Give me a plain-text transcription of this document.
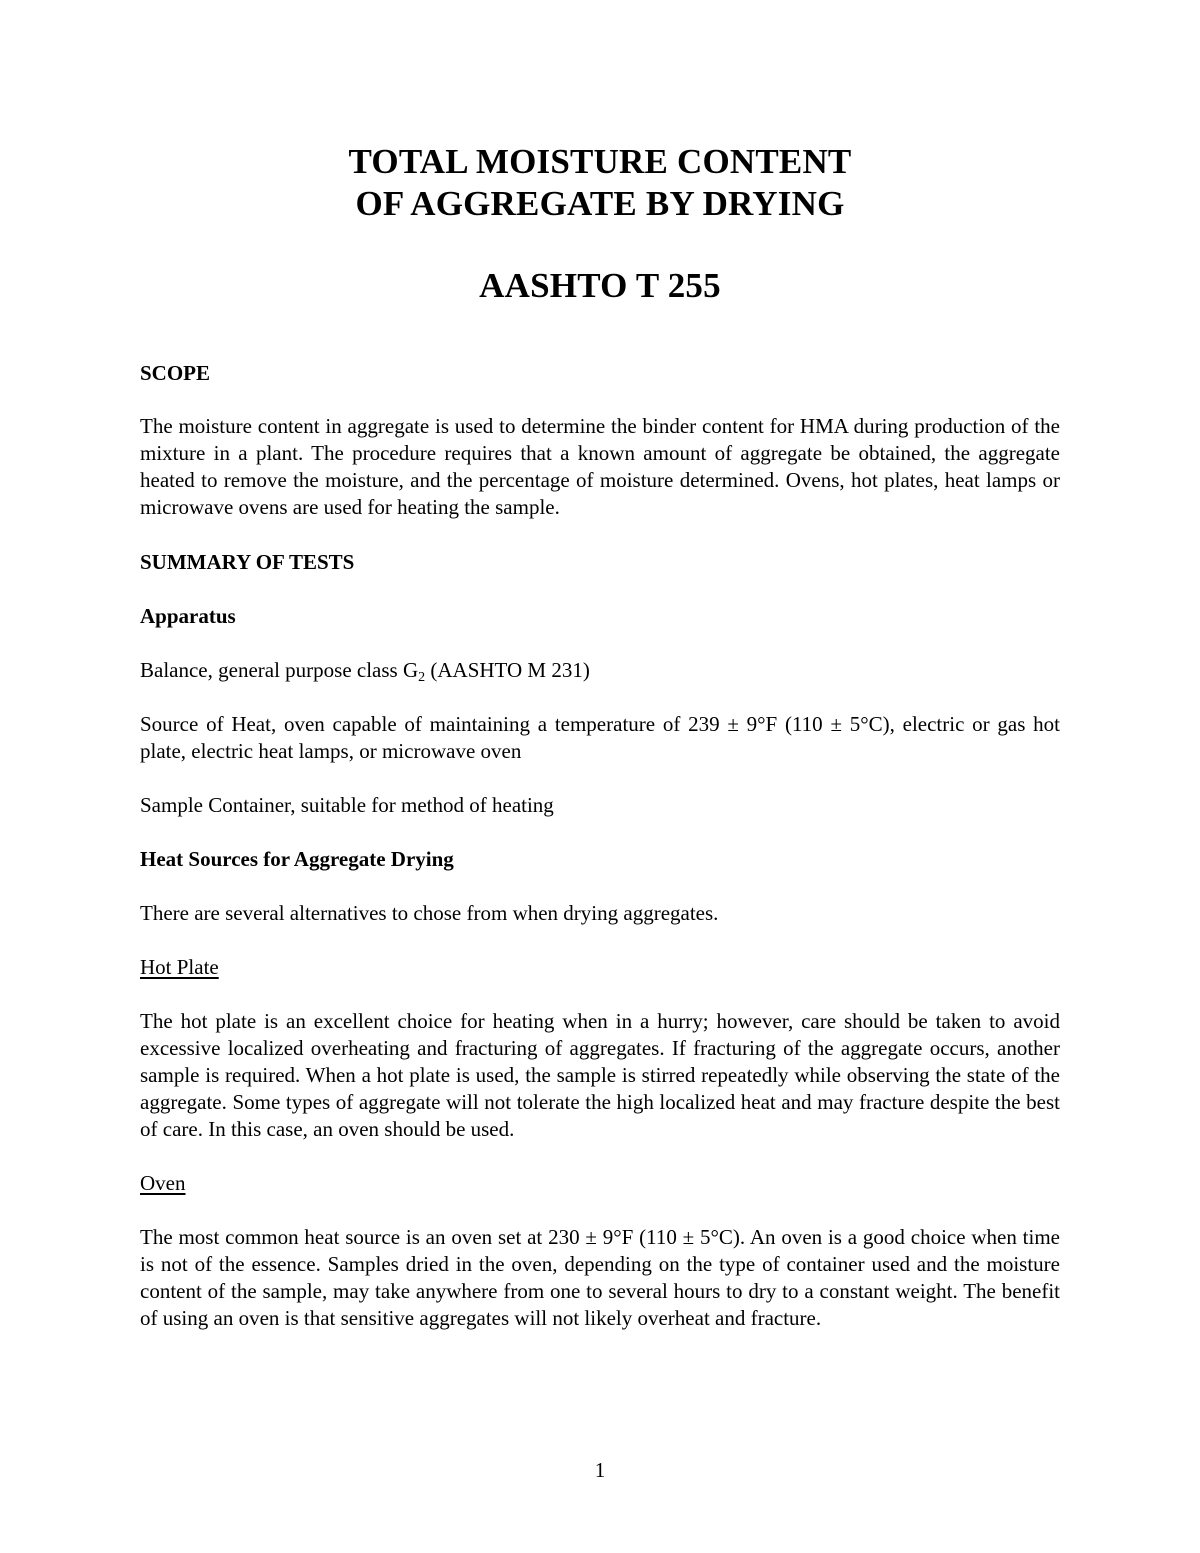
TOTAL MOISTURE CONTENT
OF AGGREGATE BY DRYING
AASHTO T 255
SCOPE
The moisture content in aggregate is used to determine the binder content for HMA during production of the mixture in a plant. The procedure requires that a known amount of aggregate be obtained, the aggregate heated to remove the moisture, and the percentage of moisture determined. Ovens, hot plates, heat lamps or microwave ovens are used for heating the sample.
SUMMARY OF TESTS
Apparatus
Balance, general purpose class $G_2$ (AASHTO M 231)
Source of Heat, oven capable of maintaining a temperature of 239 ± 9°F (110 ± 5°C), electric or gas hot plate, electric heat lamps, or microwave oven
Sample Container, suitable for method of heating
Heat Sources for Aggregate Drying
There are several alternatives to chose from when drying aggregates.
Hot Plate
The hot plate is an excellent choice for heating when in a hurry; however, care should be taken to avoid excessive localized overheating and fracturing of aggregates. If fracturing of the aggregate occurs, another sample is required. When a hot plate is used, the sample is stirred repeatedly while observing the state of the aggregate. Some types of aggregate will not tolerate the high localized heat and may fracture despite the best of care. In this case, an oven should be used.
Oven
The most common heat source is an oven set at 230 ± 9°F (110 ± 5°C). An oven is a good choice when time is not of the essence. Samples dried in the oven, depending on the type of container used and the moisture content of the sample, may take anywhere from one to several hours to dry to a constant weight. The benefit of using an oven is that sensitive aggregates will not likely overheat and fracture.
1
